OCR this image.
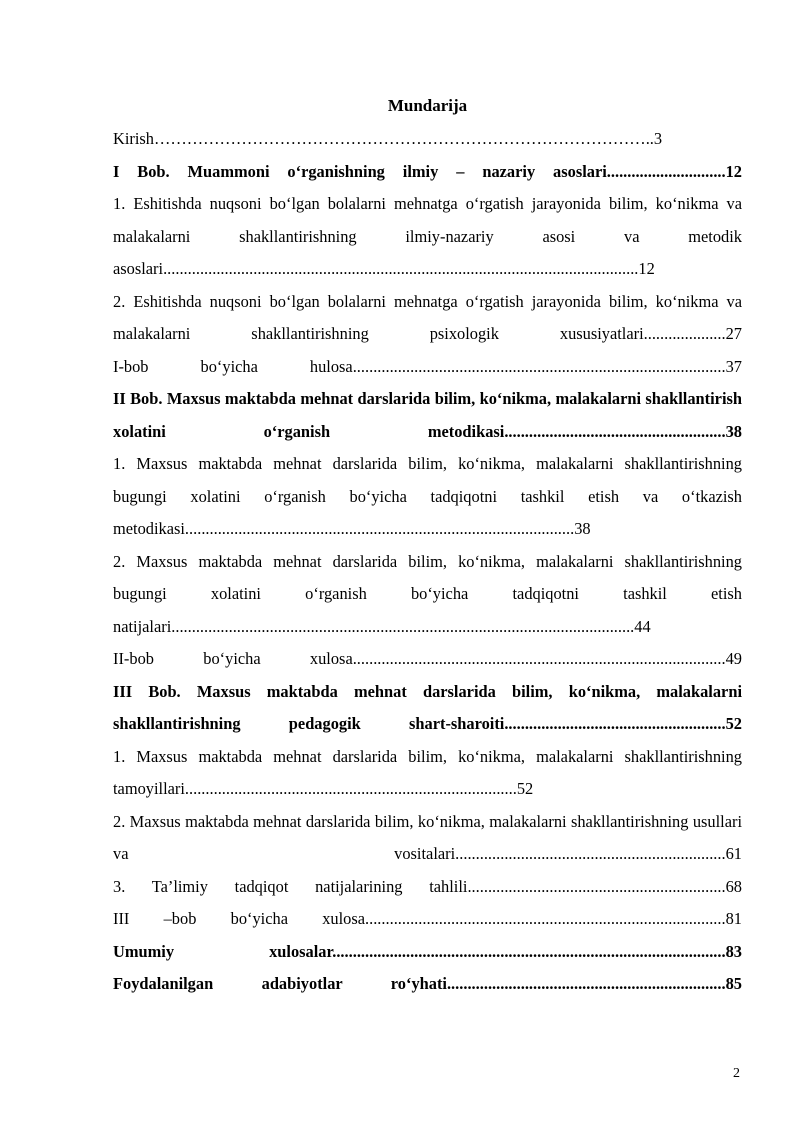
Mundarija
Kirish………………………………………………………………………………..3
I Bob. Muammoni o‘rganishning ilmiy – nazariy asoslari.............................12
1. Eshitishda nuqsoni bo‘lgan bolalarni mehnatga o‘rgatish jarayonida bilim, ko‘nikma va malakalarni shakllantirishning ilmiy-nazariy asosi va metodik asoslari....................................................................................................................12
2. Eshitishda nuqsoni bo‘lgan bolalarni mehnatga o‘rgatish jarayonida bilim, ko‘nikma va malakalarni shakllantirishning psixologik xususiyatlari....................27
I-bob bo‘yicha hulosa...........................................................................................37
II Bob. Maxsus maktabda mehnat darslarida bilim, ko‘nikma, malakalarni shakllantirish xolatini o‘rganish metodikasi......................................................38
1. Maxsus maktabda mehnat darslarida bilim, ko‘nikma, malakalarni shakllantirishning bugungi xolatini o‘rganish bo‘yicha tadqiqotni tashkil etish va o‘tkazish metodikasi...............................................................................................38
2. Maxsus maktabda mehnat darslarida bilim, ko‘nikma, malakalarni shakllantirishning bugungi xolatini o‘rganish bo‘yicha tadqiqotni tashkil etish natijalari.................................................................................................................44
II-bob bo‘yicha xulosa...........................................................................................49
III Bob. Maxsus maktabda mehnat darslarida bilim, ko‘nikma, malakalarni shakllantirishning pedagogik shart-sharoiti......................................................52
1. Maxsus maktabda mehnat darslarida bilim, ko‘nikma, malakalarni shakllantirishning tamoyillari.................................................................................52
2. Maxsus maktabda mehnat darslarida bilim, ko‘nikma, malakalarni shakllantirishning usullari va vositalari..................................................................61
3. Ta’limiy tadqiqot natijalarining tahlili...............................................................68
III –bob bo‘yicha xulosa........................................................................................81
Umumiy xulosalar................................................................................................83
Foydalanilgan adabiyotlar ro‘yhati....................................................................85
2
